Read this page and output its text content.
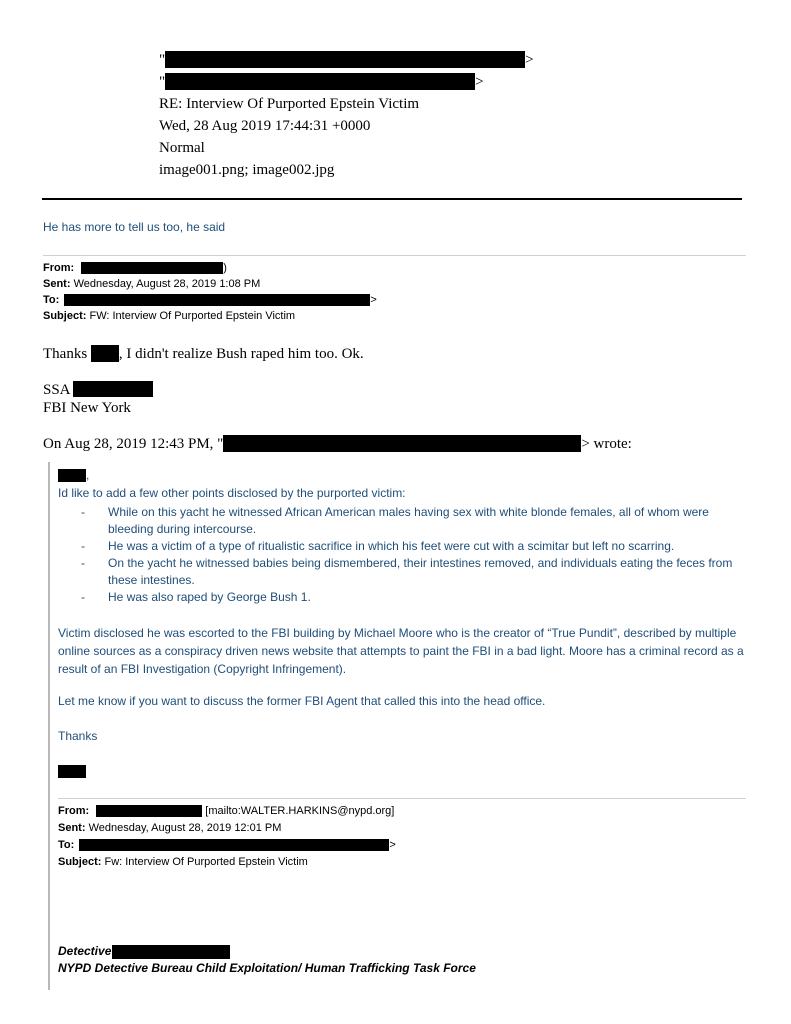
"	>
"	>
RE: Interview Of Purported Epstein Victim
Wed, 28 Aug 2019 17:44:31 +0000
Normal
image001.png; image002.jpg
He has more to tell us too, he said
From:	)
Sent: Wednesday, August 28, 2019 1:08 PM
To:	>
Subject: FW: Interview Of Purported Epstein Victim
Thanks , I didn't realize Bush raped him too. Ok.
SSA
FBI New York
On Aug 28, 2019 12:43 PM, "	> wrote:
,
Id like to add a few other points disclosed by the purported victim:

- While on this yacht he witnessed African American males having sex with white blonde females, all of whom were bleeding during intercourse.

- He was a victim of a type of ritualistic sacrifice in which his feet were cut with a scimitar but left no scarring.

- On the yacht he witnessed babies being dismembered, their intestines removed, and individuals eating the feces from these intestines.

- He was also raped by George Bush 1.

Victim disclosed he was escorted to the FBI building by Michael Moore who is the creator of “True Pundit”, described by multiple online sources as a conspiracy driven news website that attempts to paint the FBI in a bad light. Moore has a criminal record as a result of an FBI Investigation (Copyright Infringement).
Let me know if you want to discuss the former FBI Agent that called this into the head office.
Thanks
From:	[mailto:WALTER.HARKINS@nypd.org]
Sent: Wednesday, August 28, 2019 12:01 PM
To:	>
Subject: Fw: Interview Of Purported Epstein Victim
Detective
NYPD Detective Bureau Child Exploitation/ Human Trafficking Task Force
